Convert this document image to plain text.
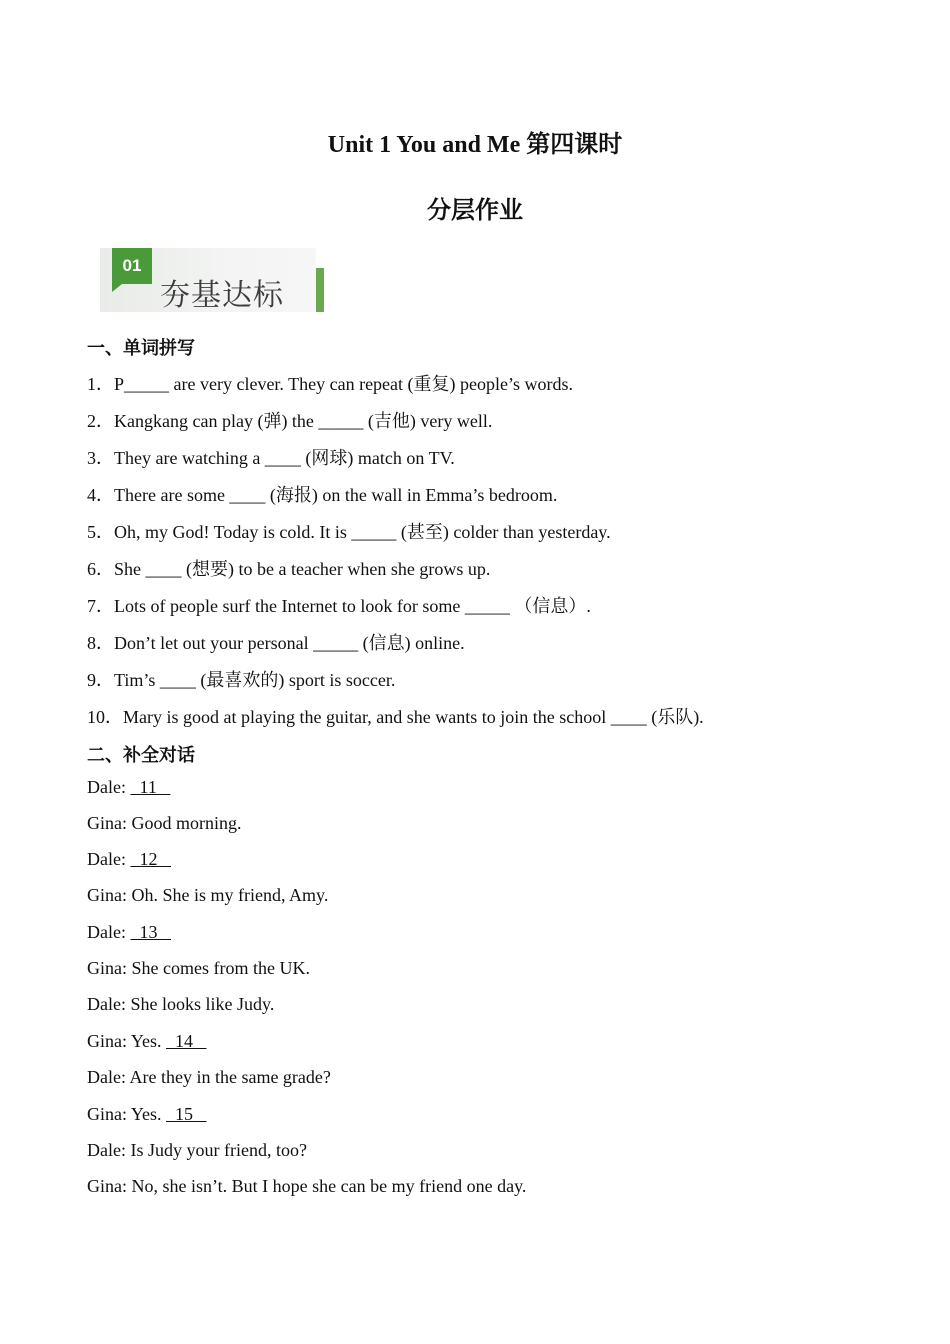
Unit 1 You and Me 第四课时
分层作业
01
夯基达标
一、单词拼写
1．P_____ are very clever. They can repeat (重复) people’s words.
2．Kangkang can play (弹) the _____ (吉他) very well.
3．They are watching a ____ (网球) match on TV.
4．There are some ____ (海报) on the wall in Emma’s bedroom.
5．Oh, my God! Today is cold. It is _____ (甚至) colder than yesterday.
6．She ____ (想要) to be a teacher when she grows up.
7．Lots of people surf the Internet to look for some _____ （信息）.
8．Don’t let out your personal _____ (信息) online.
9．Tim’s ____ (最喜欢的) sport is soccer.
10．Mary is good at playing the guitar, and she wants to join the school ____ (乐队).
二、补全对话
Dale:   11
Gina: Good morning.
Dale:   12
Gina: Oh. She is my friend, Amy.
Dale:   13
Gina: She comes from the UK.
Dale: She looks like Judy.
Gina: Yes.   14
Dale: Are they in the same grade?
Gina: Yes.   15
Dale: Is Judy your friend, too?
Gina: No, she isn’t. But I hope she can be my friend one day.
